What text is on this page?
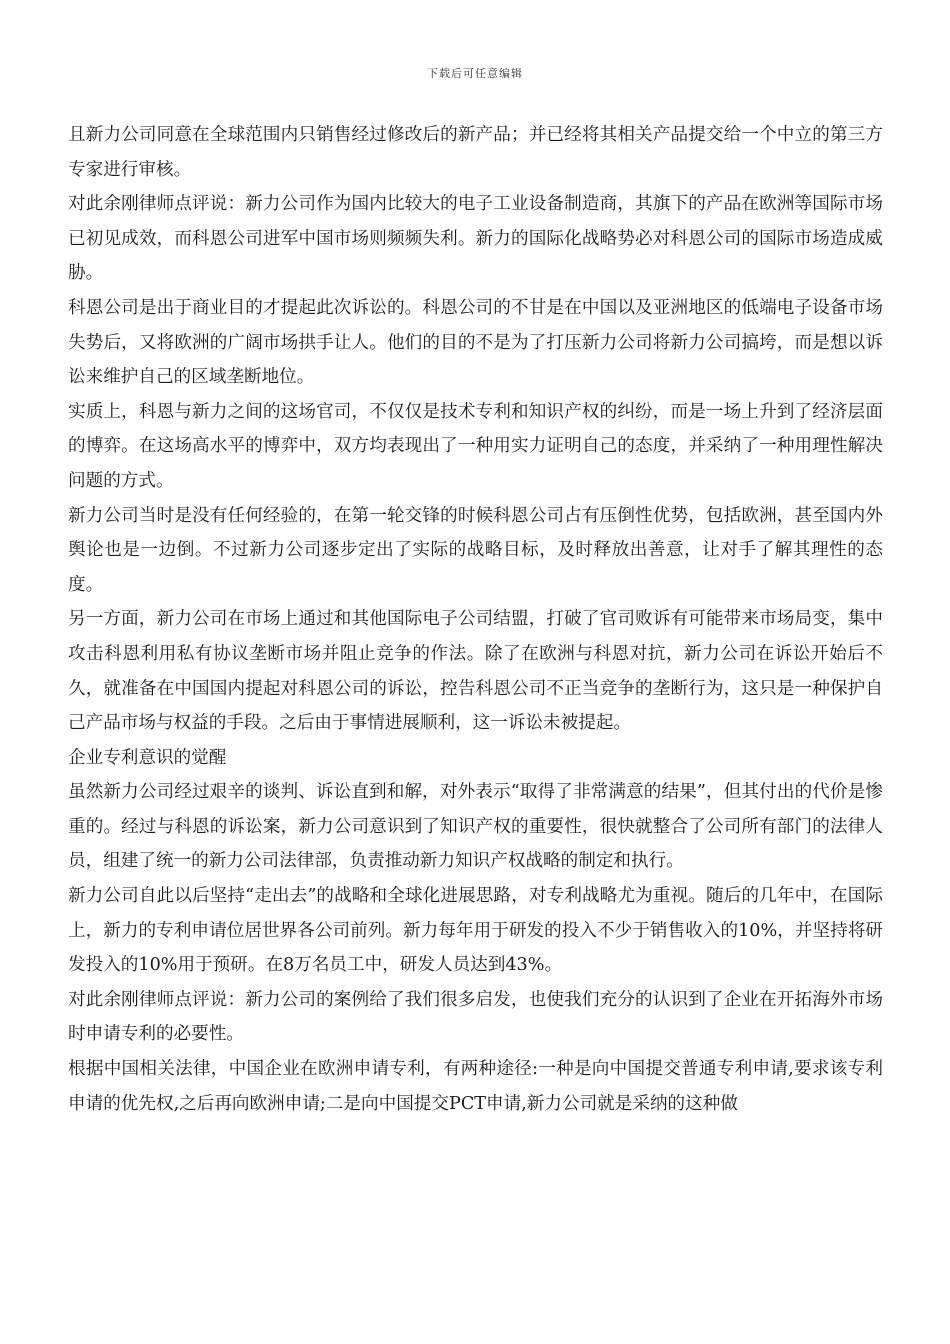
下载后可任意编辑

且新力公司同意在全球范围内只销售经过修改后的新产品；并已经将其相关产品提交给一个中立的第三方专家进行审核。

对此余刚律师点评说：新力公司作为国内比较大的电子工业设备制造商，其旗下的产品在欧洲等国际市场已初见成效，而科恩公司进军中国市场则频频失利。新力的国际化战略势必对科恩公司的国际市场造成威胁。

科恩公司是出于商业目的才提起此次诉讼的。科恩公司的不甘是在中国以及亚洲地区的低端电子设备市场失势后，又将欧洲的广阔市场拱手让人。他们的目的不是为了打压新力公司将新力公司搞垮，而是想以诉讼来维护自己的区域垄断地位。

实质上，科恩与新力之间的这场官司，不仅仅是技术专利和知识产权的纠纷，而是一场上升到了经济层面的博弈。在这场高水平的博弈中，双方均表现出了一种用实力证明自己的态度，并采纳了一种用理性解决问题的方式。

新力公司当时是没有任何经验的，在第一轮交锋的时候科恩公司占有压倒性优势，包括欧洲，甚至国内外舆论也是一边倒。不过新力公司逐步定出了实际的战略目标，及时释放出善意，让对手了解其理性的态度。

另一方面，新力公司在市场上通过和其他国际电子公司结盟，打破了官司败诉有可能带来市场局变，集中攻击科恩利用私有协议垄断市场并阻止竞争的作法。除了在欧洲与科恩对抗，新力公司在诉讼开始后不久，就准备在中国国内提起对科恩公司的诉讼，控告科恩公司不正当竞争的垄断行为，这只是一种保护自己产品市场与权益的手段。之后由于事情进展顺利，这一诉讼未被提起。

企业专利意识的觉醒

虽然新力公司经过艰辛的谈判、诉讼直到和解，对外表示“取得了非常满意的结果”，但其付出的代价是惨重的。经过与科恩的诉讼案，新力公司意识到了知识产权的重要性，很快就整合了公司所有部门的法律人员，组建了统一的新力公司法律部，负责推动新力知识产权战略的制定和执行。

新力公司自此以后坚持“走出去”的战略和全球化进展思路，对专利战略尤为重视。随后的几年中，在国际上，新力的专利申请位居世界各公司前列。新力每年用于研发的投入不少于销售收入的10%，并坚持将研发投入的10%用于预研。在8万名员工中，研发人员达到43%。

对此余刚律师点评说：新力公司的案例给了我们很多启发，也使我们充分的认识到了企业在开拓海外市场时申请专利的必要性。

根据中国相关法律，中国企业在欧洲申请专利，有两种途径:一种是向中国提交普通专利申请,要求该专利申请的优先权,之后再向欧洲申请;二是向中国提交PCT申请,新力公司就是采纳的这种做
